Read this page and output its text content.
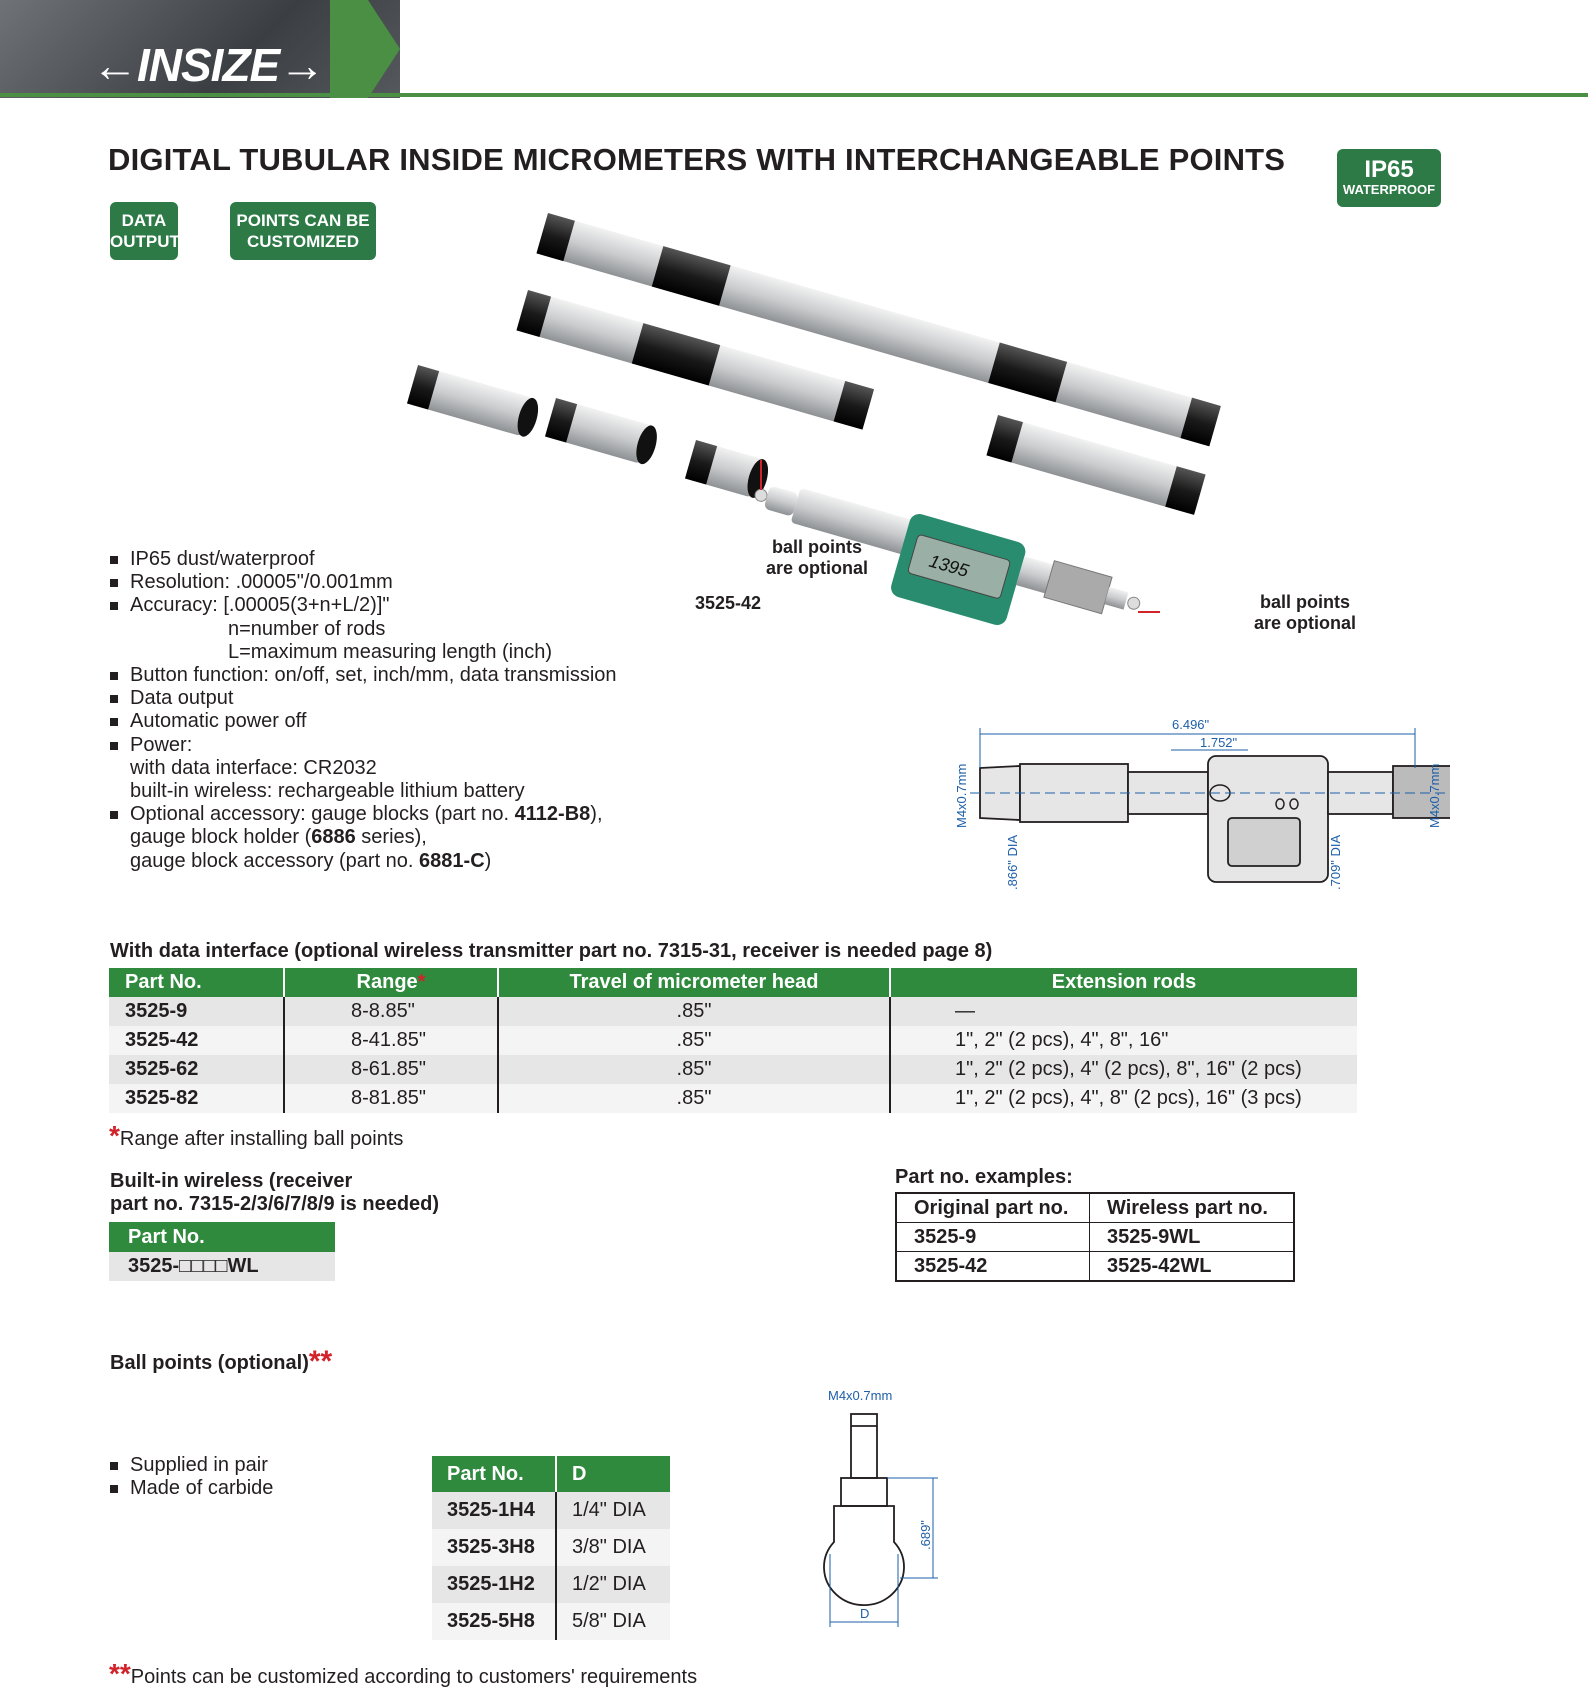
←INSIZE→
DIGITAL TUBULAR INSIDE MICROMETERS WITH INTERCHANGEABLE POINTS	IP65
WATERPROOF
DATA
OUTPUT
POINTS CAN BE
CUSTOMIZED
1395
ball points
are optional
ball points
are optional
3525-42
IP65 dust/waterproof
Resolution: .00005"/0.001mm
Accuracy: [.00005(3+n+L/2)]"
n=number of rods
L=maximum measuring length (inch)
Button function: on/off, set, inch/mm, data transmission
Data output
Automatic power off
Power:
with data interface: CR2032
built-in wireless: rechargeable lithium battery
Optional accessory: gauge blocks (part no. 4112-B8),
gauge block holder (6886 series),
gauge block accessory (part no. 6881-C)
6.496"
1.752"
M4x0.7mm	M4x0.7mm
.866" DIA	.709" DIA
With data interface (optional wireless transmitter part no. 7315-31, receiver is needed page 8)
Part No.	Range*	Travel of micrometer head	Extension rods
3525-9	8-8.85"	.85"	—
3525-42	8-41.85"	.85"	1", 2" (2 pcs), 4", 8", 16"
3525-62	8-61.85"	.85"	1", 2" (2 pcs), 4" (2 pcs), 8", 16" (2 pcs)
3525-82	8-81.85"	.85"	1", 2" (2 pcs), 4", 8" (2 pcs), 16" (3 pcs)
*Range after installing ball points
Built-in wireless (receiver
part no. 7315-2/3/6/7/8/9 is needed)
Part No.
3525-□□□□WL
Part no. examples:
Original part no.	Wireless part no.
3525-9	3525-9WL
3525-42	3525-42WL
Ball points (optional)**
Supplied in pair
Made of carbide
Part No.	D
3525-1H4	1/4" DIA
3525-3H8	3/8" DIA
3525-1H2	1/2" DIA
3525-5H8	5/8" DIA
M4x0.7mm
.689"
D
**Points can be customized according to customers' requirements
